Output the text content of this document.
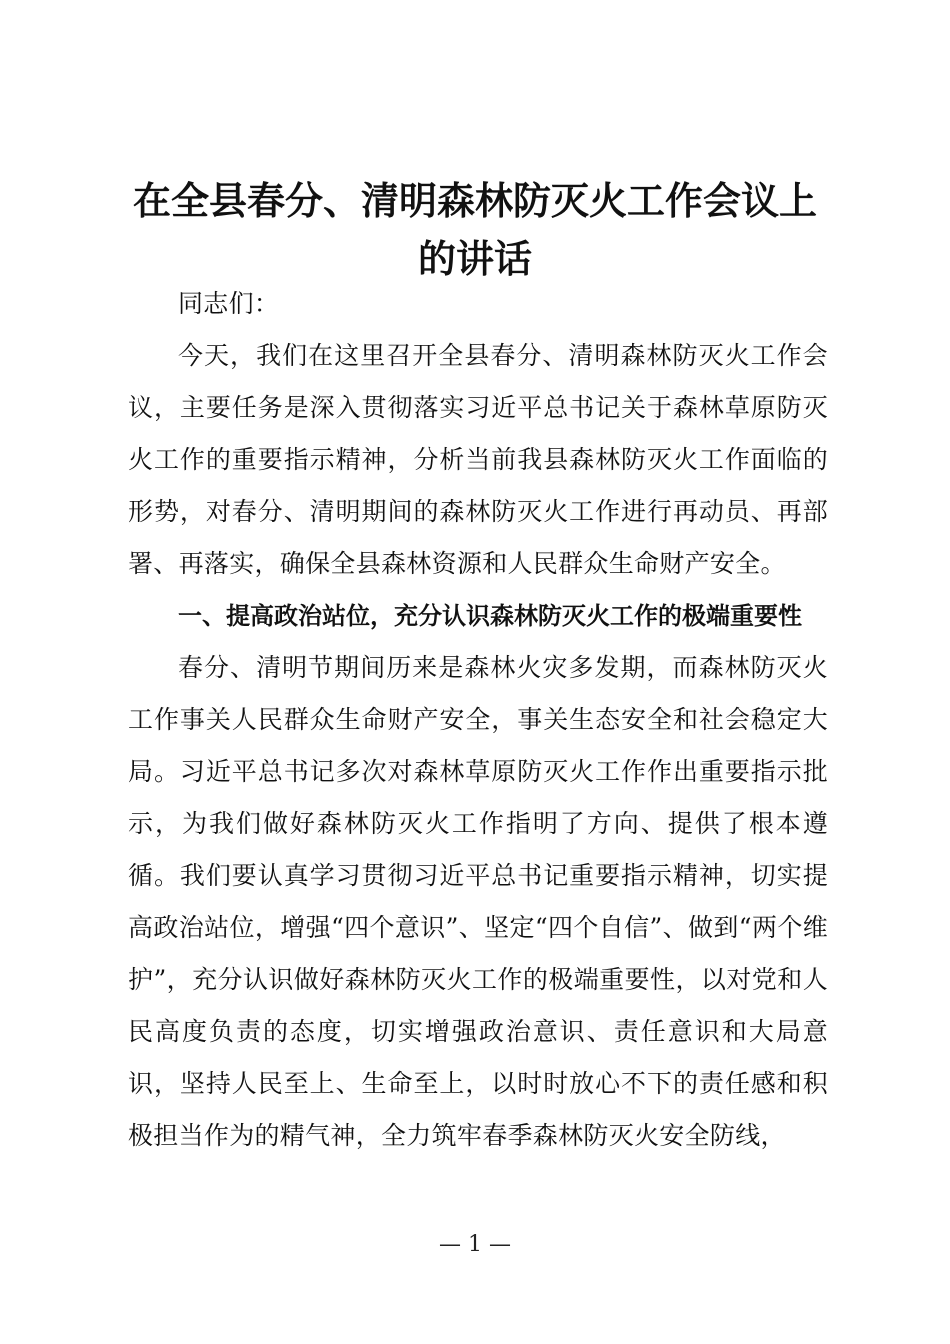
在全县春分、清明森林防灭火工作会议上的讲话

同志们：

今天，我们在这里召开全县春分、清明森林防灭火工作会议，主要任务是深入贯彻落实习近平总书记关于森林草原防灭火工作的重要指示精神，分析当前我县森林防灭火工作面临的形势，对春分、清明期间的森林防灭火工作进行再动员、再部署、再落实，确保全县森林资源和人民群众生命财产安全。

一、提高政治站位，充分认识森林防灭火工作的极端重要性

春分、清明节期间历来是森林火灾多发期，而森林防灭火工作事关人民群众生命财产安全，事关生态安全和社会稳定大局。习近平总书记多次对森林草原防灭火工作作出重要指示批示，为我们做好森林防灭火工作指明了方向、提供了根本遵循。我们要认真学习贯彻习近平总书记重要指示精神，切实提高政治站位，增强“四个意识”、坚定“四个自信”、做到“两个维护”，充分认识做好森林防灭火工作的极端重要性，以对党和人民高度负责的态度，切实增强政治意识、责任意识和大局意识，坚持人民至上、生命至上，以时时放心不下的责任感和积极担当作为的精气神，全力筑牢春季森林防灭火安全防线，

— 1 —
